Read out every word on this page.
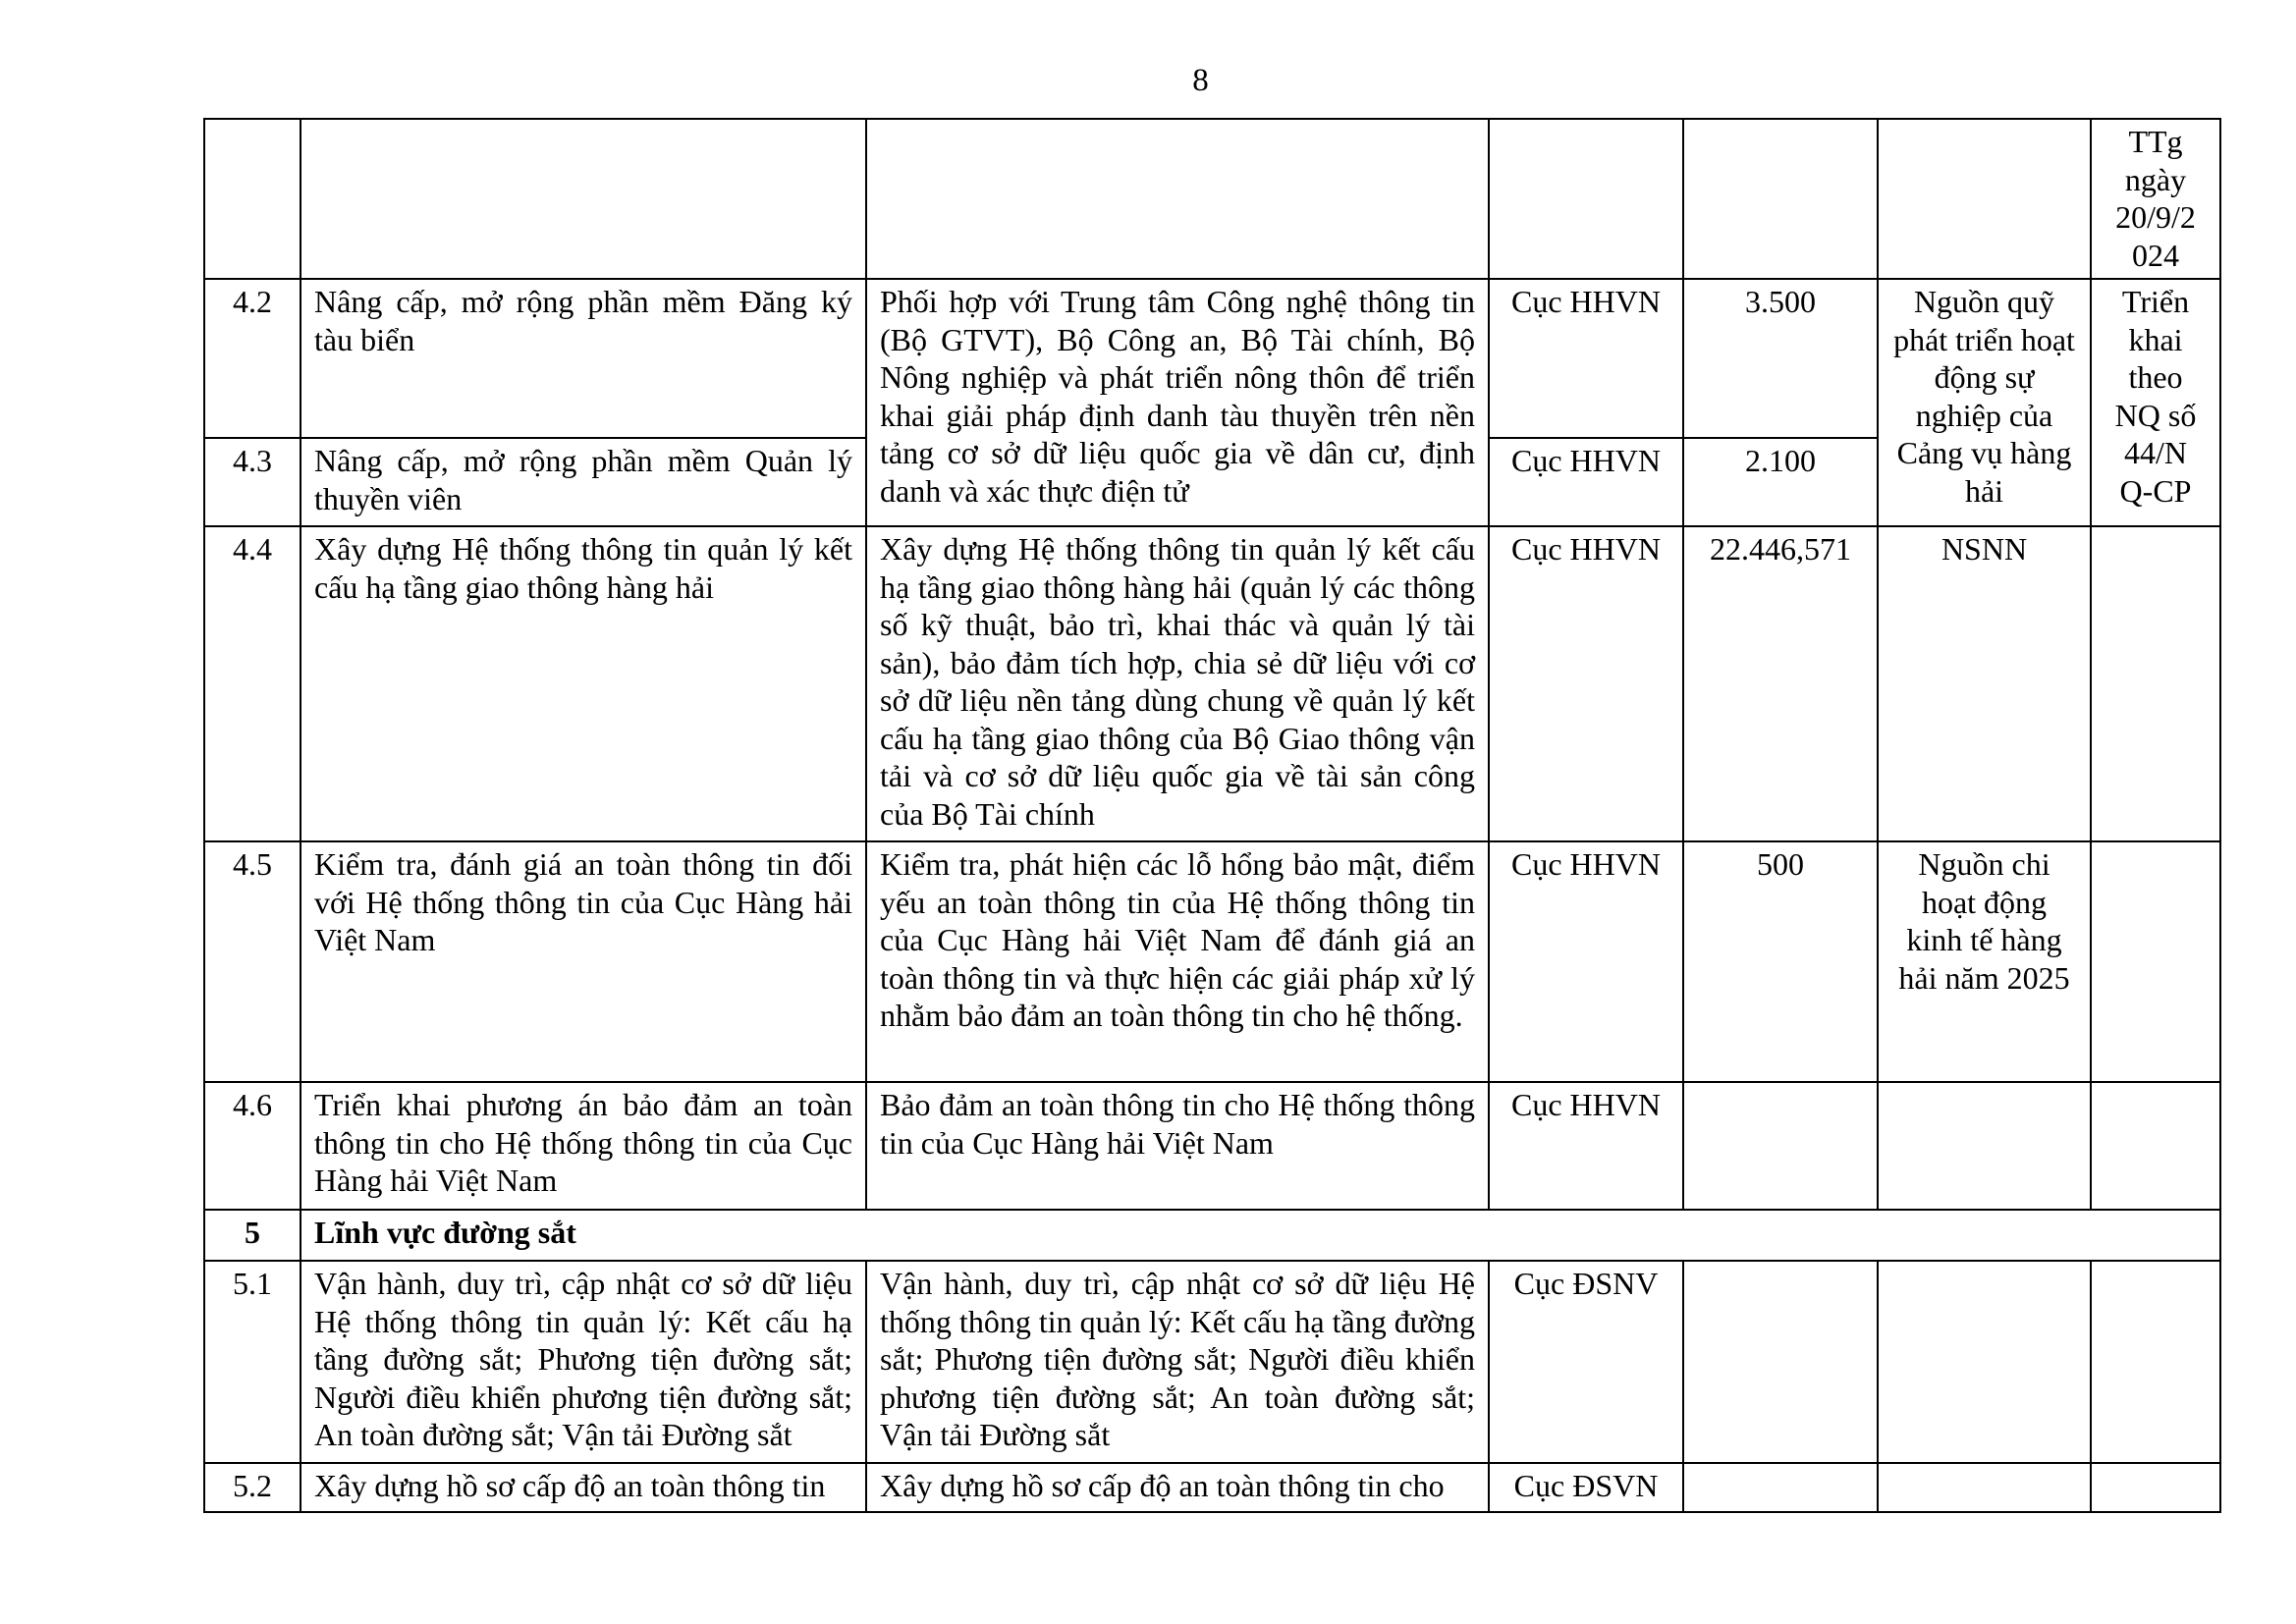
8
						TTg ngày 20/9/2 024
4.2	Nâng cấp, mở rộng phần mềm Đăng ký tàu biển	Phối hợp với Trung tâm Công nghệ thông tin (Bộ GTVT), Bộ Công an, Bộ Tài chính, Bộ Nông nghiệp và phát triển nông thôn để triển khai giải pháp định danh tàu thuyền trên nền tảng cơ sở dữ liệu quốc gia về dân cư, định danh và xác thực điện tử	Cục HHVN	3.500	Nguồn quỹ phát triển hoạt động sự nghiệp của Cảng vụ hàng hải	Triển khai theo NQ số 44/N Q-CP
4.3	Nâng cấp, mở rộng phần mềm Quản lý thuyền viên		Cục HHVN	2.100		
4.4	Xây dựng Hệ thống thông tin quản lý kết cấu hạ tầng giao thông hàng hải	Xây dựng Hệ thống thông tin quản lý kết cấu hạ tầng giao thông hàng hải (quản lý các thông số kỹ thuật, bảo trì, khai thác và quản lý tài sản), bảo đảm tích hợp, chia sẻ dữ liệu với cơ sở dữ liệu nền tảng dùng chung về quản lý kết cấu hạ tầng giao thông của Bộ Giao thông vận tải và cơ sở dữ liệu quốc gia về tài sản công của Bộ Tài chính	Cục HHVN	22.446,571	NSNN	
4.5	Kiểm tra, đánh giá an toàn thông tin đối với Hệ thống thông tin của Cục Hàng hải Việt Nam	Kiểm tra, phát hiện các lỗ hổng bảo mật, điểm yếu an toàn thông tin của Hệ thống thông tin của Cục Hàng hải Việt Nam để đánh giá an toàn thông tin và thực hiện các giải pháp xử lý nhằm bảo đảm an toàn thông tin cho hệ thống.	Cục HHVN	500	Nguồn chi hoạt động kinh tế hàng hải năm 2025	
4.6	Triển khai phương án bảo đảm an toàn thông tin cho Hệ thống thông tin của Cục Hàng hải Việt Nam	Bảo đảm an toàn thông tin cho Hệ thống thông tin của Cục Hàng hải Việt Nam	Cục HHVN			
5	Lĩnh vực đường sắt					
5.1	Vận hành, duy trì, cập nhật cơ sở dữ liệu Hệ thống thông tin quản lý: Kết cấu hạ tầng đường sắt; Phương tiện đường sắt; Người điều khiển phương tiện đường sắt; An toàn đường sắt; Vận tải Đường sắt	Vận hành, duy trì, cập nhật cơ sở dữ liệu Hệ thống thông tin quản lý: Kết cấu hạ tầng đường sắt; Phương tiện đường sắt; Người điều khiển phương tiện đường sắt; An toàn đường sắt; Vận tải Đường sắt	Cục ĐSNV			
5.2	Xây dựng hồ sơ cấp độ an toàn thông tin	Xây dựng hồ sơ cấp độ an toàn thông tin cho	Cục ĐSVN			
